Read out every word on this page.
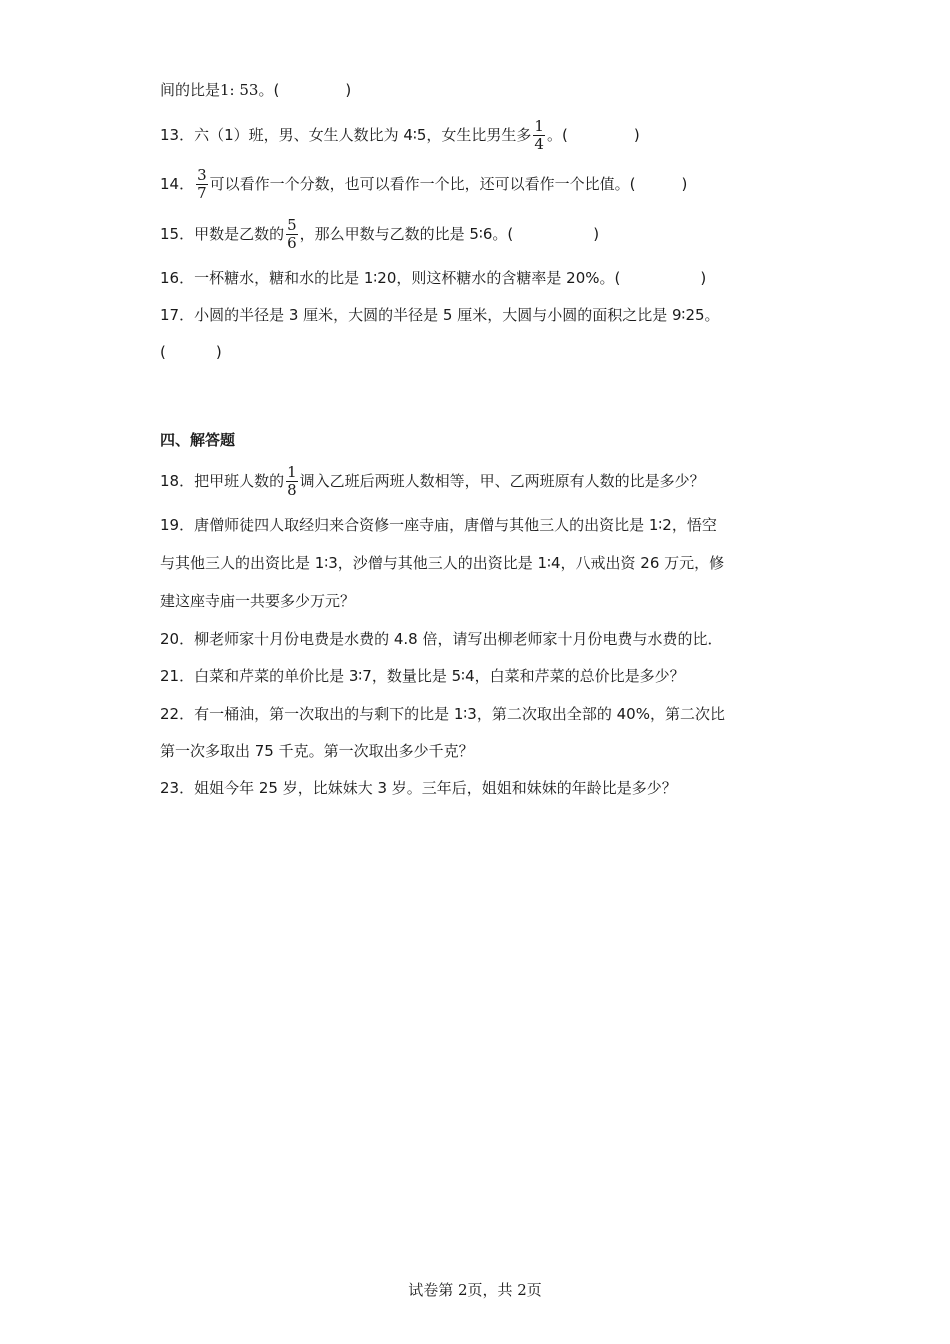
间的比是1: 53。(	)
13．六（1）班，男、女生人数比为 4∶5，女生比男生多 $\frac{1}{4}$ 。(	)
14． $\frac{3}{7}$ 可以看作一个分数，也可以看作一个比，还可以看作一个比值。(	)
15．甲数是乙数的 $\frac{5}{6}$ ，那么甲数与乙数的比是 5∶6。(	)
16．一杯糖水，糖和水的比是 1∶20，则这杯糖水的含糖率是 20%。(	)
17．小圆的半径是 3 厘米，大圆的半径是 5 厘米，大圆与小圆的面积之比是 9∶25。
(	)
四、解答题
18．把甲班人数的 $\frac{1}{8}$ 调入乙班后两班人数相等，甲、乙两班原有人数的比是多少？
19．唐僧师徒四人取经归来合资修一座寺庙，唐僧与其他三人的出资比是 1∶2，悟空
与其他三人的出资比是 1∶3，沙僧与其他三人的出资比是 1∶4，八戒出资 26 万元，修
建这座寺庙一共要多少万元？
20．柳老师家十月份电费是水费的 4.8 倍，请写出柳老师家十月份电费与水费的比．
21．白菜和芹菜的单价比是 3∶7，数量比是 5∶4，白菜和芹菜的总价比是多少？
22．有一桶油，第一次取出的与剩下的比是 1∶3，第二次取出全部的 40%，第二次比
第一次多取出 75 千克。第一次取出多少千克？
23．姐姐今年 25 岁，比妹妹大 3 岁。三年后，姐姐和妹妹的年龄比是多少？
试卷第 2页，共 2页
